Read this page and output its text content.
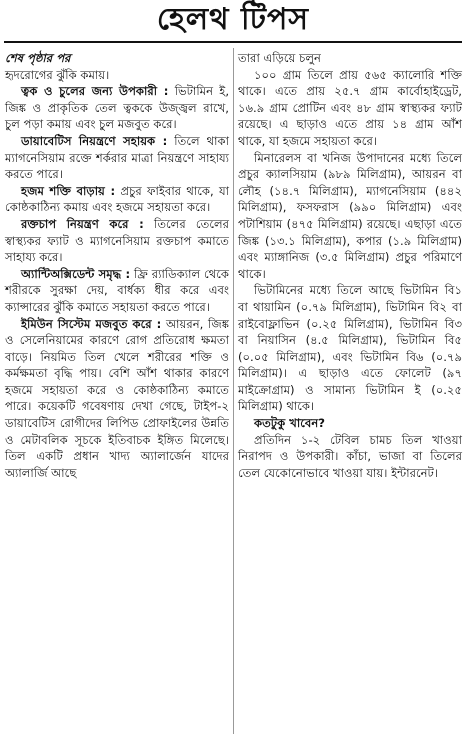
হেলথ টিপস

শেষ পৃষ্ঠার পর

হৃদরোগের ঝুঁকি কমায়।

ত্বক ও চুলের জন্য উপকারী : ভিটামিন ই, জিঙ্ক ও প্রাকৃতিক তেল ত্বককে উজ্জ্বল রাখে, চুল পড়া কমায় এবং চুল মজবুত করে।

ডায়াবেটিস নিয়ন্ত্রণে সহায়ক : তিলে থাকা ম্যাগনেসিয়াম রক্তে শর্করার মাত্রা নিয়ন্ত্রণে সাহায্য করতে পারে।

হজম শক্তি বাড়ায় : প্রচুর ফাইবার থাকে, যা কোষ্ঠকাঠিন্য কমায় এবং হজমে সহায়তা করে।

রক্তচাপ নিয়ন্ত্রণ করে : তিলের তেলের স্বাস্থ্যকর ফ্যাট ও ম্যাগনেসিয়াম রক্তচাপ কমাতে সাহায্য করে।

অ্যান্টিঅক্সিডেন্ট সমৃদ্ধ : ফ্রি র‍্যাডিক্যাল থেকে শরীরকে সুরক্ষা দেয়, বার্ধক্য ধীর করে এবং ক্যান্সারের ঝুঁকি কমাতে সহায়তা করতে পারে।

ইমিউন সিস্টেম মজবুত করে : আয়রন, জিঙ্ক ও সেলেনিয়ামের কারণে রোগ প্রতিরোধ ক্ষমতা বাড়ে। নিয়মিত তিল খেলে শরীরের শক্তি ও কর্মক্ষমতা বৃদ্ধি পায়। বেশি আঁশ থাকার কারণে হজমে সহায়তা করে ও কোষ্ঠকাঠিন্য কমাতে পারে। কয়েকটি গবেষণায় দেখা গেছে, টাইপ-২ ডায়াবেটিস রোগীদের লিপিড প্রোফাইলের উন্নতি ও মেটাবলিক সূচকে ইতিবাচক ইঙ্গিত মিলেছে। তিল একটি প্রধান খাদ্য অ্যালার্জেন যাদের অ্যালার্জি আছে

তারা এড়িয়ে চলুন

১০০ গ্রাম তিলে প্রায় ৫৬৫ ক্যালোরি শক্তি থাকে। এতে প্রায় ২৫.৭ গ্রাম কার্বোহাইড্রেট, ১৬.৯ গ্রাম প্রোটিন এবং ৪৮ গ্রাম স্বাস্থ্যকর ফ্যাট রয়েছে। এ ছাড়াও এতে প্রায় ১৪ গ্রাম আঁশ থাকে, যা হজমে সহায়তা করে।

মিনারেলস বা খনিজ উপাদানের মধ্যে তিলে প্রচুর ক্যালসিয়াম (৯৮৯ মিলিগ্রাম), আয়রন বা লৌহ (১৪.৭ মিলিগ্রাম), ম্যাগনেসিয়াম (৪৪২ মিলিগ্রাম), ফসফরাস (৯৯০ মিলিগ্রাম) এবং পটাশিয়াম (৪৭৫ মিলিগ্রাম) রয়েছে। এছাড়া এতে জিঙ্ক (১৩.১ মিলিগ্রাম), কপার (১.৯ মিলিগ্রাম) এবং ম্যাঙ্গানিজ (৩.৫ মিলিগ্রাম) প্রচুর পরিমাণে থাকে।

ভিটামিনের মধ্যে তিলে আছে ভিটামিন বি১ বা থায়ামিন (০.৭৯ মিলিগ্রাম), ভিটামিন বি২ বা রাইবোফ্লাভিন (০.২৫ মিলিগ্রাম), ভিটামিন বি৩ বা নিয়াসিন (৪.৫ মিলিগ্রাম), ভিটামিন বি৫ (০.০৫ মিলিগ্রাম), এবং ভিটামিন বি৬ (০.৭৯ মিলিগ্রাম)। এ ছাড়াও এতে ফোলেট (৯৭ মাইক্রোগ্রাম) ও সামান্য ভিটামিন ই (০.২৫ মিলিগ্রাম) থাকে।

কতটুকু খাবেন?

প্রতিদিন ১-২ টেবিল চামচ তিল খাওয়া নিরাপদ ও উপকারী। কাঁচা, ভাজা বা তিলের তেল যেকোনোভাবে খাওয়া যায়। ইন্টারনেট।
